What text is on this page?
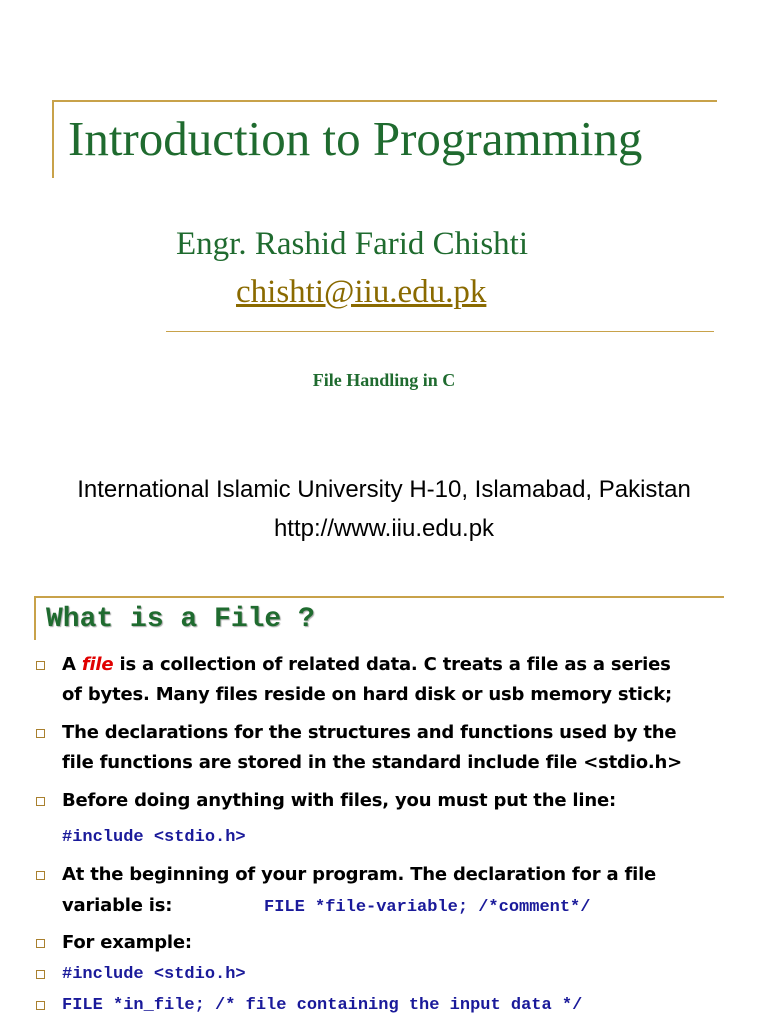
Introduction to Programming
Engr. Rashid Farid Chishti
chishti@iiu.edu.pk
File Handling in C
International Islamic University H-10, Islamabad, Pakistan
http://www.iiu.edu.pk
What is a File ?
A file is a collection of related data. C treats a file as a series
of bytes. Many files reside on hard disk or usb memory stick;
The declarations for the structures and functions used by the
file functions are stored in the standard include file <stdio.h>
Before doing anything with files, you must put the line:
#include <stdio.h>
At the beginning of your program. The declaration for a file
variable is:	FILE *file-variable; /*comment*/
For example:
#include <stdio.h>
FILE *in_file; /* file containing the input data */
